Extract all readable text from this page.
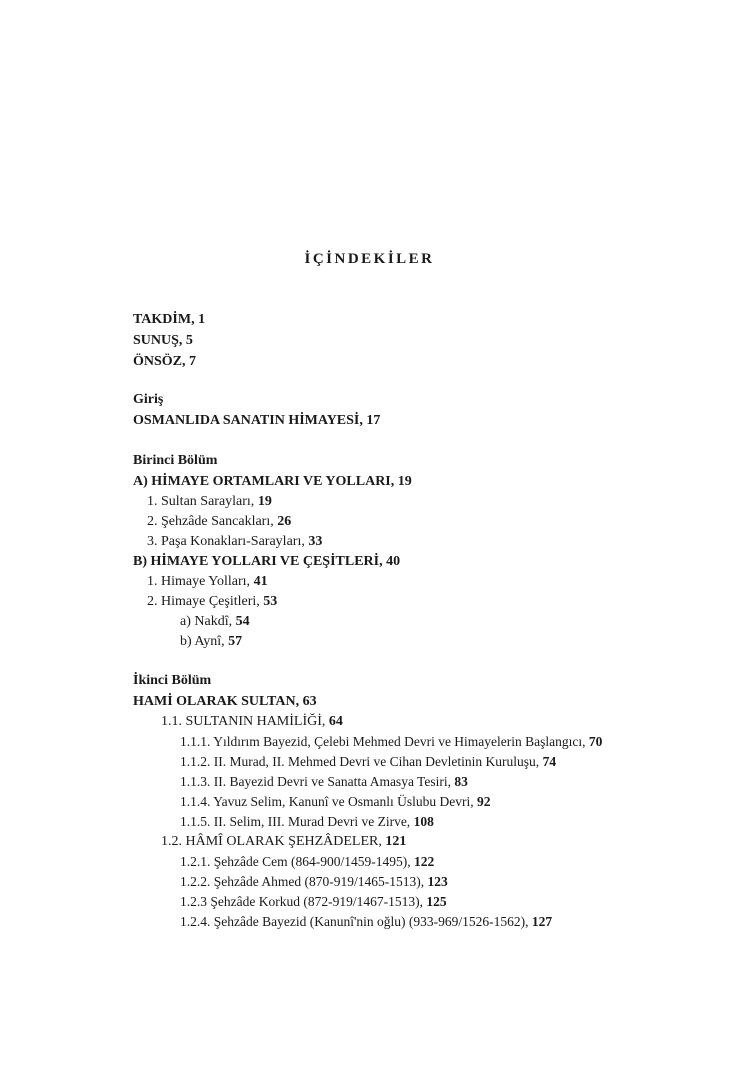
İÇİNDEKİLER
TAKDİM, 1
SUNUŞ, 5
ÖNSÖZ, 7
Giriş
OSMANLIDA SANATIN HİMAYESİ, 17
Birinci Bölüm
A) HİMAYE ORTAMLARI VE YOLLARI, 19
1. Sultan Sarayları, 19
2. Şehzâde Sancakları, 26
3. Paşa Konakları-Sarayları, 33
B) HİMAYE YOLLARI VE ÇEŞİTLERİ, 40
1. Himaye Yolları, 41
2. Himaye Çeşitleri, 53
a) Nakdî, 54
b) Aynî, 57
İkinci Bölüm
HAMİ OLARAK SULTAN, 63
1.1. SULTANIN HAMİLİĞİ, 64
1.1.1. Yıldırım Bayezid, Çelebi Mehmed Devri ve Himayelerin Başlangıcı, 70
1.1.2. II. Murad, II. Mehmed Devri ve Cihan Devletinin Kuruluşu, 74
1.1.3. II. Bayezid Devri ve Sanatta Amasya Tesiri, 83
1.1.4. Yavuz Selim, Kanunî ve Osmanlı Üslubu Devri, 92
1.1.5. II. Selim, III. Murad Devri ve Zirve, 108
1.2. HÂMÎ OLARAK ŞEHZÂDELER, 121
1.2.1. Şehzâde Cem (864-900/1459-1495), 122
1.2.2. Şehzâde Ahmed (870-919/1465-1513), 123
1.2.3 Şehzâde Korkud (872-919/1467-1513), 125
1.2.4. Şehzâde Bayezid (Kanunî'nin oğlu) (933-969/1526-1562), 127
